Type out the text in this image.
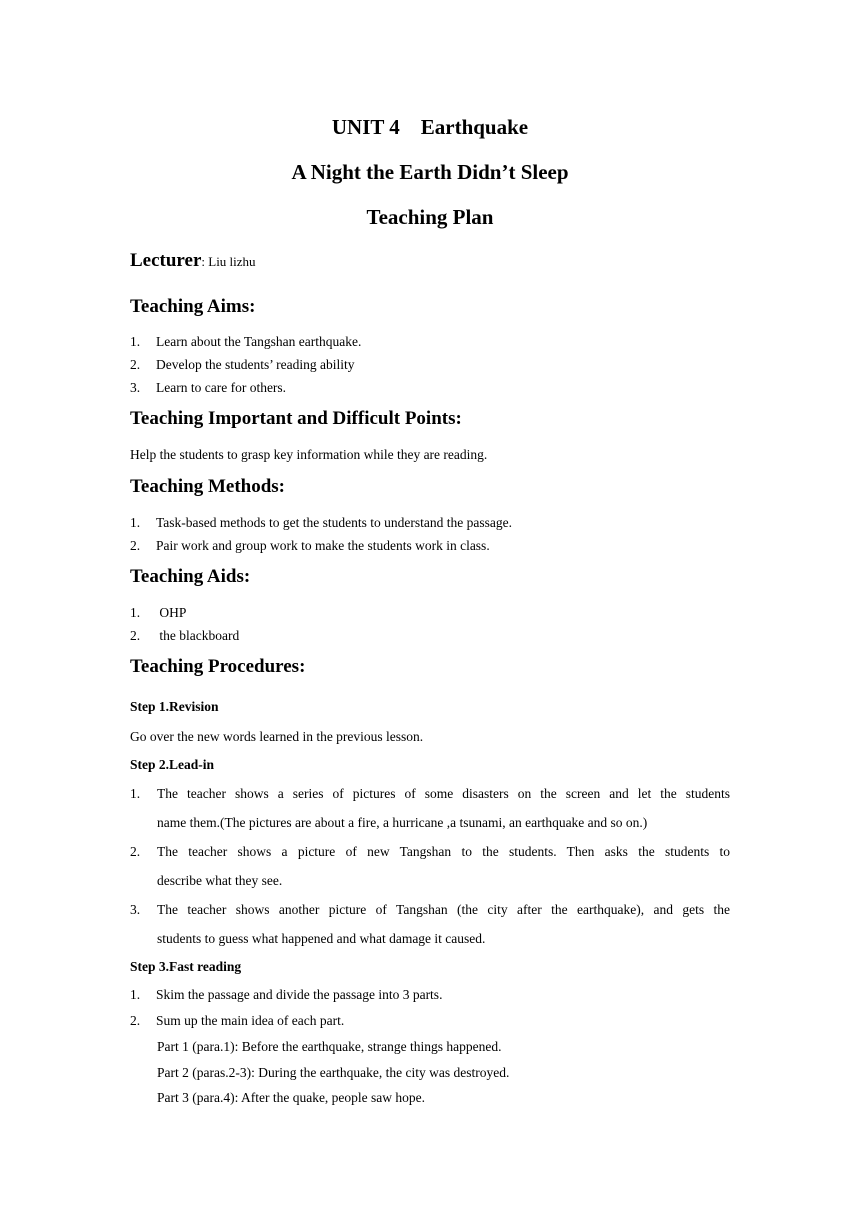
UNIT 4    Earthquake
A Night the Earth Didn’t Sleep
Teaching Plan
Lecturer: Liu lizhu
Teaching Aims:
1. Learn about the Tangshan earthquake.
2. Develop the students’ reading ability
3. Learn to care for others.
Teaching Important and Difficult Points:
Help the students to grasp key information while they are reading.
Teaching Methods:
1. Task-based methods to get the students to understand the passage.
2. Pair work and group work to make the students work in class.
Teaching Aids:
1. OHP
2. the blackboard
Teaching Procedures:
Step 1.Revision
Go over the new words learned in the previous lesson.
Step 2.Lead-in
1. The teacher shows a series of pictures of some disasters on the screen and let the students
name them.(The pictures are about a fire, a hurricane ,a tsunami, an earthquake and so on.)
2. The teacher shows a picture of new Tangshan to the students. Then asks the students to
describe what they see.
3. The teacher shows another picture of Tangshan (the city after the earthquake), and gets the
students to guess what happened and what damage it caused.
Step 3.Fast reading
1. Skim the passage and divide the passage into 3 parts.
2. Sum up the main idea of each part.
Part 1 (para.1): Before the earthquake, strange things happened.
Part 2 (paras.2-3): During the earthquake, the city was destroyed.
Part 3 (para.4): After the quake, people saw hope.
